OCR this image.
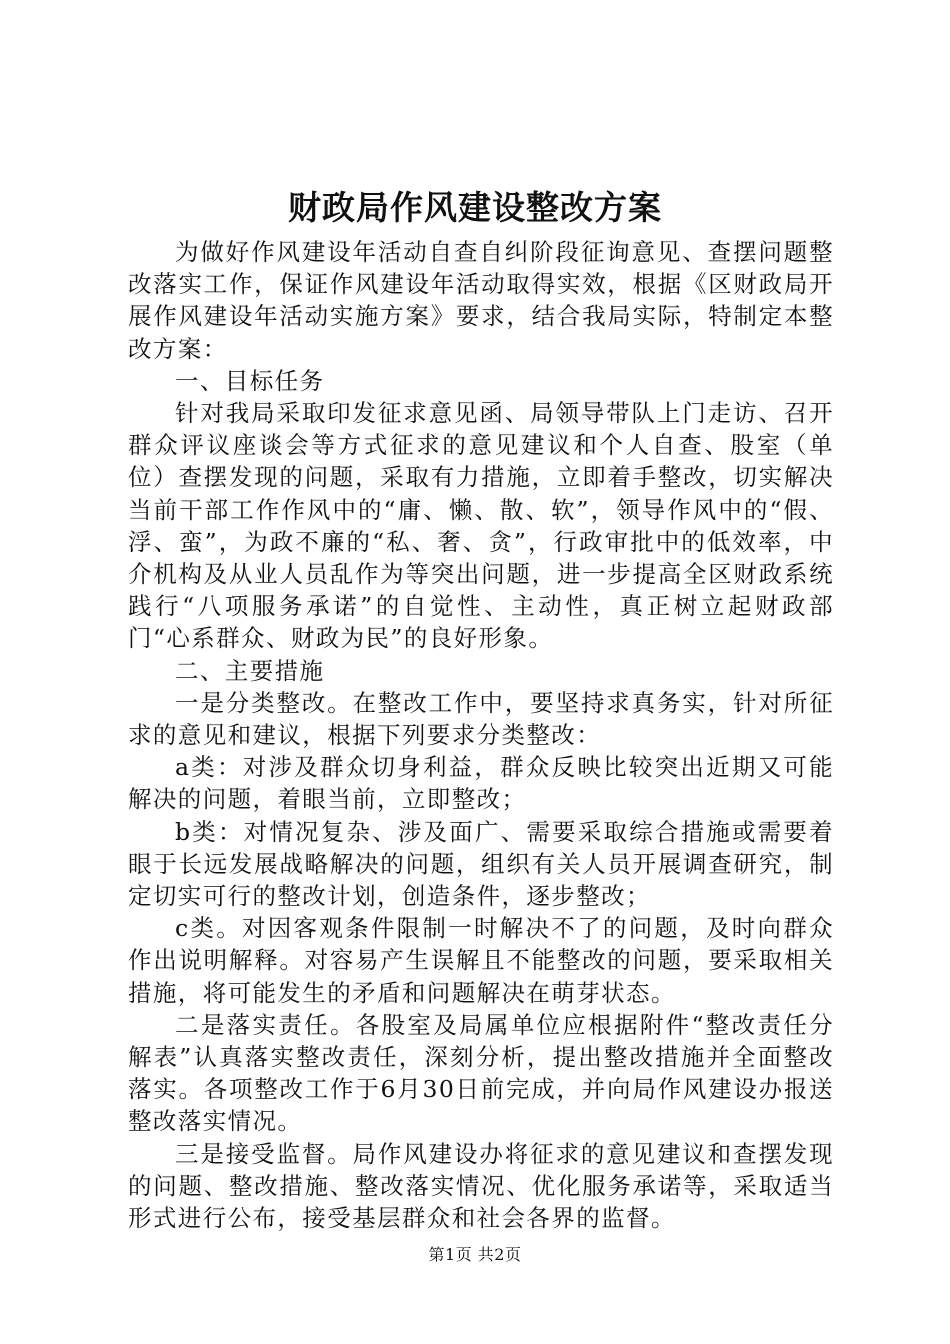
财政局作风建设整改方案

为做好作风建设年活动自查自纠阶段征询意见、查摆问题整改落实工作，保证作风建设年活动取得实效，根据《区财政局开展作风建设年活动实施方案》要求，结合我局实际，特制定本整改方案：

一、目标任务

针对我局采取印发征求意见函、局领导带队上门走访、召开群众评议座谈会等方式征求的意见建议和个人自查、股室（单位）查摆发现的问题，采取有力措施，立即着手整改，切实解决当前干部工作作风中的“庸、懒、散、软”，领导作风中的“假、浮、蛮”，为政不廉的“私、奢、贪”，行政审批中的低效率，中介机构及从业人员乱作为等突出问题，进一步提高全区财政系统践行“八项服务承诺”的自觉性、主动性，真正树立起财政部门“心系群众、财政为民”的良好形象。

二、主要措施

一是分类整改。在整改工作中，要坚持求真务实，针对所征求的意见和建议，根据下列要求分类整改：

a类：对涉及群众切身利益，群众反映比较突出近期又可能解决的问题，着眼当前，立即整改；

b类：对情况复杂、涉及面广、需要采取综合措施或需要着眼于长远发展战略解决的问题，组织有关人员开展调查研究，制定切实可行的整改计划，创造条件，逐步整改；

c类。对因客观条件限制一时解决不了的问题，及时向群众作出说明解释。对容易产生误解且不能整改的问题，要采取相关措施，将可能发生的矛盾和问题解决在萌芽状态。

二是落实责任。各股室及局属单位应根据附件“整改责任分解表”认真落实整改责任，深刻分析，提出整改措施并全面整改落实。各项整改工作于6月30日前完成，并向局作风建设办报送整改落实情况。

三是接受监督。局作风建设办将征求的意见建议和查摆发现的问题、整改措施、整改落实情况、优化服务承诺等，采取适当形式进行公布，接受基层群众和社会各界的监督。

第1页 共2页
